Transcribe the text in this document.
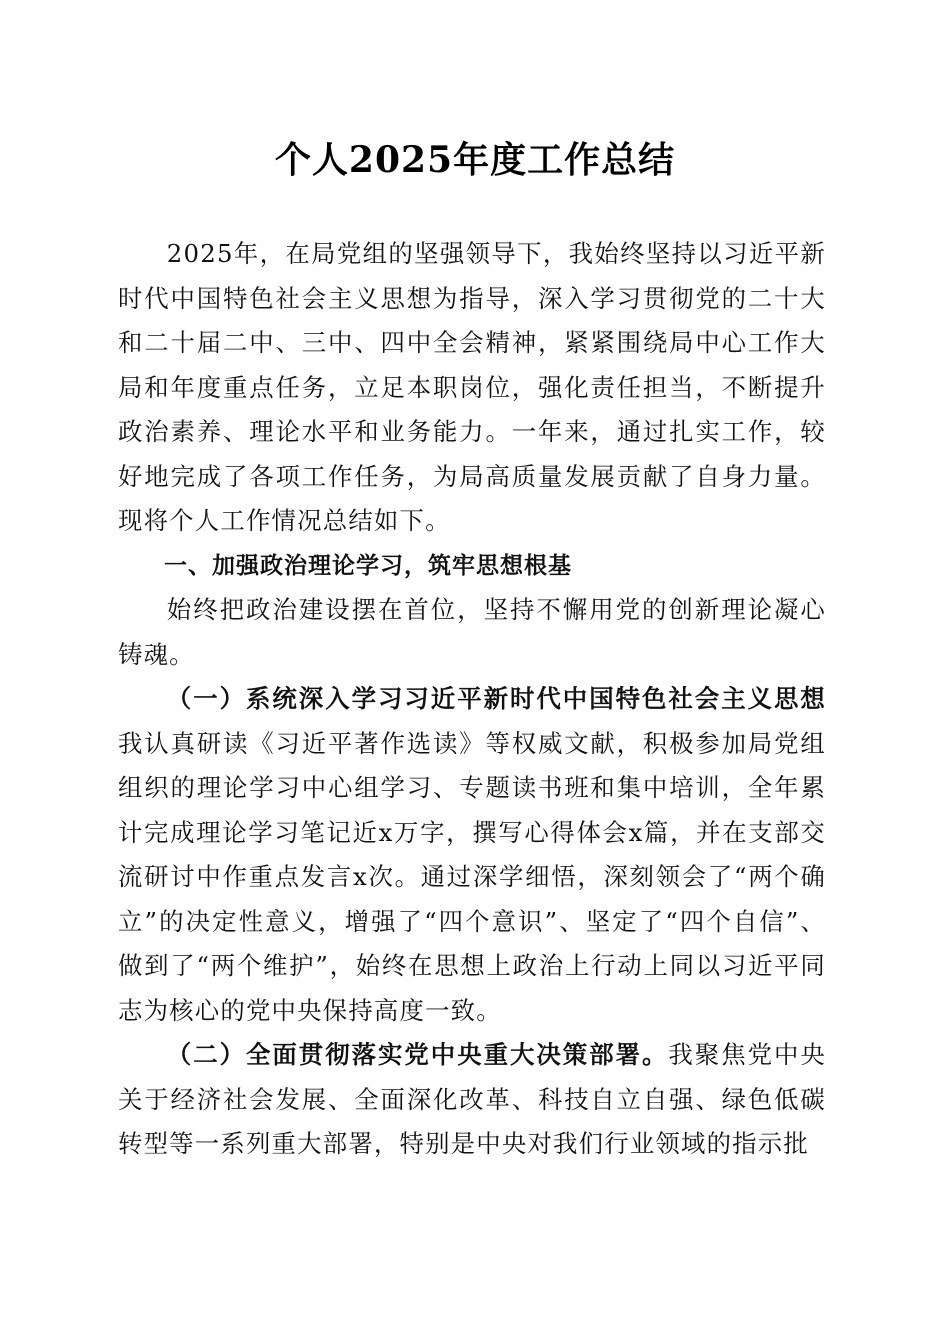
个人2025年度工作总结

2025年，在局党组的坚强领导下，我始终坚持以习近平新时代中国特色社会主义思想为指导，深入学习贯彻党的二十大和二十届二中、三中、四中全会精神，紧紧围绕局中心工作大局和年度重点任务，立足本职岗位，强化责任担当，不断提升政治素养、理论水平和业务能力。一年来，通过扎实工作，较好地完成了各项工作任务，为局高质量发展贡献了自身力量。现将个人工作情况总结如下。

一、加强政治理论学习，筑牢思想根基

始终把政治建设摆在首位，坚持不懈用党的创新理论凝心铸魂。

（一）系统深入学习习近平新时代中国特色社会主义思想我认真研读《习近平著作选读》等权威文献，积极参加局党组组织的理论学习中心组学习、专题读书班和集中培训，全年累计完成理论学习笔记近x万字，撰写心得体会x篇，并在支部交流研讨中作重点发言x次。通过深学细悟，深刻领会了“两个确立”的决定性意义，增强了“四个意识”、坚定了“四个自信”、做到了“两个维护”，始终在思想上政治上行动上同以习近平同志为核心的党中央保持高度一致。

（二）全面贯彻落实党中央重大决策部署。我聚焦党中央关于经济社会发展、全面深化改革、科技自立自强、绿色低碳转型等一系列重大部署，特别是中央对我们行业领域的指示批
